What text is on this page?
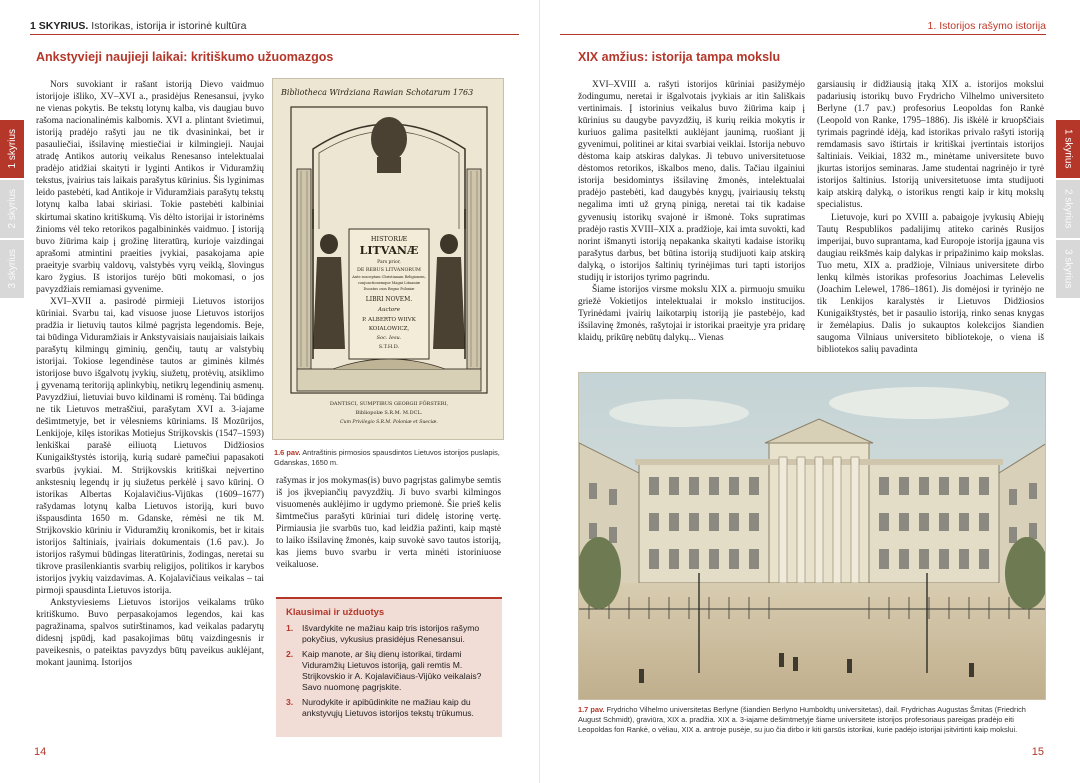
1 SKYRIUS. Istorikas, istorija ir istorinė kultūra
Ankstyvieji naujieji laikai: kritiškumo užuomazgos

Nors suvokiant ir rašant istoriją Dievo vaidmuo istorijoje išliko, XV–XVI a., prasidėjus Renesansui, įvyko ne vienas pokytis. Be tekstų lotynų kalba, vis daugiau buvo rašoma nacionalinėmis kalbomis. XVI a. plintant švietimui, istoriją pradėjo rašyti jau ne tik dvasininkai, bet ir pasauliečiai, išsilavinę miestiečiai ir kilmingieji. Naujai atradę Antikos autorių veikalus Renesanso intelektualai pradėjo atidžiai skaityti ir lyginti Antikos ir Viduramžių tekstus, įvairius tais laikais parašytus kūrinius. Šis lyginimas leido pastebėti, kad Antikoje ir Viduramžiais parašytų tekstų lotynų kalba labai skiriasi. Tokie pastebėti kalbiniai skirtumai skatino kritiškumą. Vis dėlto istorijai ir istorinėms žinioms vėl teko retorikos pagalbininkės vaidmuo. Į istoriją buvo žiūrima kaip į grožinę literatūrą, kurioje vaizdingai aprašomi atmintini praeities įvykiai, pasakojama apie praeityje svarbių valdovų, valstybės vyrų veiklą, šlovingus karo žygius. Iš istorijos turėjo būti mokomasi, o jos pavyzdžiais remiamasi gyvenime.

XVI–XVII a. pasirodė pirmieji Lietuvos istorijos kūriniai. Svarbu tai, kad visuose juose Lietuvos istorijos pradžia ir lietuvių tautos kilmė pagrįsta legendomis. Beje, tai būdinga Viduramžiais ir Ankstyvaisiais naujaisiais laikais parašytų kilmingų giminių, genčių, tautų ar valstybių istorijai. Tokiose legendinėse tautos ar giminės kilmės istorijose buvo išgalvotų įvykių, siužetų, protėvių, atsiklimo į gyvenamą teritoriją aplinkybių, netikrų legendinių asmenų. Pavyzdžiui, lietuviai buvo kildinami iš romėnų. Tai būdinga ne tik Lietuvos metraščiui, parašytam XVI a. 3-iajame dešimtmetyje, bet ir vėlesniems kūriniams. Iš Mozūrijos, Lenkijoje, kilęs istorikas Motiejus Strijkovskis (1547–1593) lenkiškai parašė eiliuotą Lietuvos Didžiosios Kunigaikštystės istoriją, kurią sudarė pamečiui papasakoti svarbūs įvykiai. M. Strijkovskis kritiškai neįvertino ankstesnių legendų ir jų siužetus perkėlė į savo kūrinį. O istorikas Albertas Kojalavičius-Vijūkas (1609–1677) rašydamas lotynų kalba Lietuvos istoriją, kuri buvo išspausdinta 1650 m. Gdanske, rėmėsi ne tik M. Strijkovskio kūriniu ir Viduramžių kronikomis, bet ir kitais istorijos šaltiniais, įvairiais dokumentais (1.6 pav.). Jo istorijos rašymui būdingas literatūrinis, žodingas, neretai su tikrove prasilenkiantis svarbių religijos, politikos ir karybos istorijos įvykių vaizdavimas. A. Kojalavičiaus veikalas – tai pirmoji spausdinta Lietuvos istorija.

Ankstyviesiems Lietuvos istorijos veikalams trūko kritiškumo. Buvo perpasakojamos legendos, kai kas pagražinama, spalvos sutirštinamos, kad veikalas padarytų didesnį įspūdį, kad pasakojimas būtų vaizdingesnis ir paveikesnis, o pateiktas pavyzdys būtų paveikus auklėjant, mokant jaunimą. Istorijos

Bibliotheca Wirdziana Rawian Schotarum 1763
HISTORIÆ
LITVANÆ
Pars prior,
DE REBUS LITVANORUM
Ante susceptam Christianam Religionem,
conjunctionemque Magni Lituaniæ
Ducatus cum Regno Poloniæ
LIBRI NOVEM.
Auctore
P. ALBERTO WIIVK
KOIALOWICZ,
Soc. Iesu.
S.T.H.D.
DANTISCI, SUMPTIBUS GEORGII FÖRSTERI,
Bibliopolæ S.R.M. M.DCL.
Cum Privilegio S.R.M. Poloniæ et Sueciæ.
1.6 pav. Antraštinis pirmosios spausdintos Lietuvos istorijos puslapis, Gdanskas, 1650 m.

rašymas ir jos mokymas(is) buvo pagrįstas galimybe semtis iš jos įkvepiančių pavyzdžių. Ji buvo svarbi kilmingos visuomenės auklėjimo ir ugdymo priemonė. Šie prieš kelis šimtmečius parašyti kūriniai turi didelę istorinę vertę. Pirmiausia jie svarbūs tuo, kad leidžia pažinti, kaip mąstė to laiko išsilavinę žmonės, kaip suvokė savo tautos istoriją, kas jiems buvo svarbu ir verta minėti istoriniuose veikaluose.

Klausimai ir užduotys
1.	Išvardykite ne mažiau kaip tris istorijos rašymo pokyčius, vykusius prasidėjus Renesansui.
2.	Kaip manote, ar šių dienų istorikai, tirdami Viduramžių Lietuvos istoriją, gali remtis M. Strijkovskio ir A. Kojalavičiaus-Vijūko veikalais? Savo nuomonę pagrįskite.
3.	Nurodykite ir apibūdinkite ne mažiau kaip du ankstyvųjų Lietuvos istorijos tekstų trūkumus.
1 skyrius
2 skyrius
3 skyrius
14
1. Istorijos rašymo istorija
XIX amžius: istorija tampa mokslu

XVI–XVIII a. rašyti istorijos kūriniai pasižymėjo žodingumu, neretai ir išgalvotais įvykiais ar itin šališkais vertinimais. Į istorinius veikalus buvo žiūrima kaip į kūrinius su daugybe pavyzdžių, iš kurių reikia mokytis ir kuriuos galima pasitelkti auklėjant jaunimą, ruošiant jį gyvenimui, politinei ar kitai svarbiai veiklai. Istorija nebuvo dėstoma kaip atskiras dalykas. Ji tebuvo universitetuose dėstomos retorikos, iškalbos meno, dalis. Tačiau ilgainiui istorija besidomintys išsilavinę žmonės, intelektualai pradėjo pastebėti, kad daugybės knygų, įvairiausių tekstų negalima imti už gryną pinigą, neretai tai tik kadaise gyvenusių istorikų svajonė ir išmonė. Toks supratimas pradėjo rastis XVIII–XIX a. pradžioje, kai imta suvokti, kad norint išmanyti istoriją nepakanka skaityti kadaise istorikų parašytus darbus, bet būtina istoriją studijuoti kaip atskirą dalyką, o istorijos šaltinių tyrinėjimas turi tapti istorijos studijų ir istorijos tyrimo pagrindu.

Šiame istorijos virsme mokslu XIX a. pirmuoju smuiku griežė Vokietijos intelektualai ir mokslo institucijos. Tyrinėdami įvairių laikotarpių istoriją jie pastebėjo, kad išsilavinę žmonės, rašytojai ir istorikai praeityje yra pridarę klaidų, prikūrę nebūtų dalykų... Vienas

garsiausių ir didžiausią įtaką XIX a. istorijos mokslui padariusių istorikų buvo Frydrichо Vilhelmo universiteto Berlyne (1.7 pav.) profesorius Leopoldas fon Rankė (Leopold von Ranke, 1795–1886). Jis iškėlė ir kruopščiais tyrimais pagrindė idėją, kad istorikas privalo rašyti istoriją remdamasis savo ištirtais ir kritiškai įvertintais istorijos šaltiniais. Veikiai, 1832 m., minėtame universitete buvo įkurtas istorijos seminaras. Jame studentai nagrinėjo ir tyrė istorijos šaltinius. Istoriją universitetuose imta studijuoti kaip atskirą dalyką, o istorikus rengti kaip ir kitų mokslų specialistus.

Lietuvoje, kuri po XVIII a. pabaigoje įvykusių Abiejų Tautų Respublikos padalijimų atiteko carinės Rusijos imperijai, buvo suprantama, kad Europoje istorija įgauna vis daugiau reikšmės kaip dalykas ir pripažinimo kaip mokslas. Tuo metu, XIX a. pradžioje, Vilniaus universitete dirbo lenkų kilmės istorikas profesorius Joachimas Lelevelis (Joachim Lelewel, 1786–1861). Jis domėjosi ir tyrinėjo ne tik Lenkijos karalystės ir Lietuvos Didžiosios Kunigaikštystės, bet ir pasaulio istoriją, rinko senas knygas ir žemėlapius. Dalis jo sukauptos kolekcijos šiandien saugoma Vilniaus universiteto bibliotekoje, o viena iš bibliotekos salių pavadinta

1.7 pav. Frydricho Vilhelmo universitetas Berlyne (šiandien Berlyno Humboldtų universitetas), dail. Frydrichas Augustas Šmitas (Friedrich August Schmidt), graviūra, XIX a. pradžia. XIX a. 3-iajame dešimtmetyje šiame universitete istorijos profesoriaus pareigas pradėjo eiti Leopoldas fon Rankė, o vėliau, XIX a. antroje pusėje, su juo čia dirbo ir kiti garsūs istorikai, kurie padėjo istorijai įsitvirtinti kaip mokslui.
1 skyrius
2 skyrius
3 skyrius
15
